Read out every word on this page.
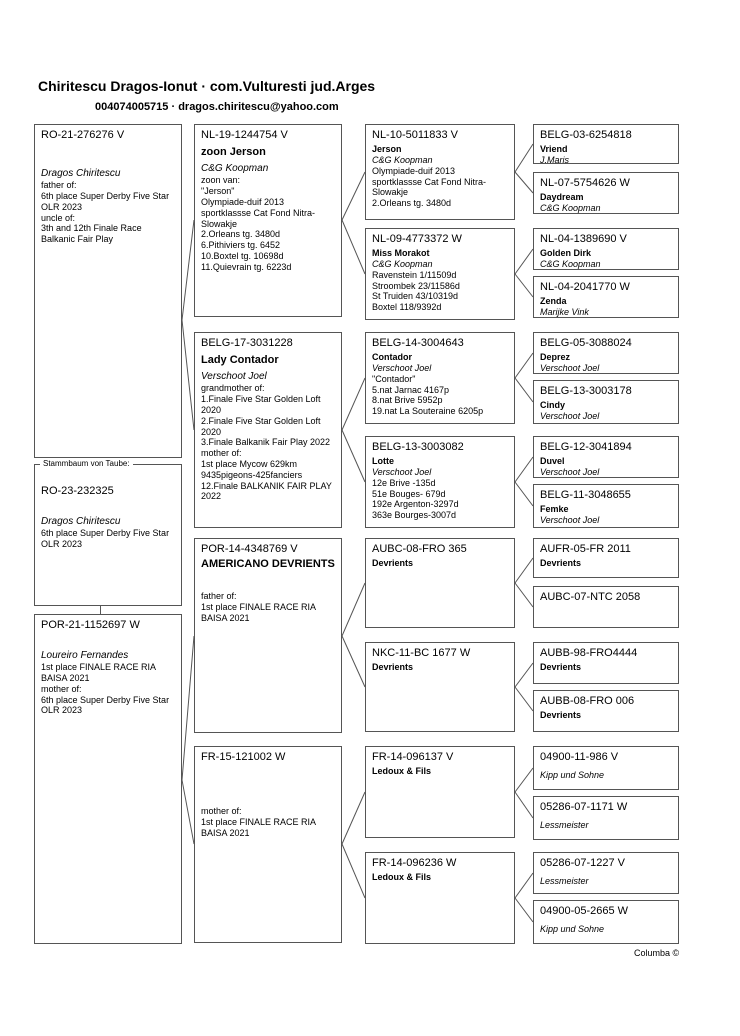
Chiritescu Dragos-Ionut · com.Vulturesti jud.Arges
004074005715 · dragos.chiritescu@yahoo.com
RO-21-276276 V
Dragos Chiritescu
father of:
6th place Super Derby Five Star OLR 2023
uncle of:
3th and 12th Finale Race Balkanic Fair Play
RO-23-232325
Dragos Chiritescu
6th place Super Derby Five Star OLR 2023
Stammbaum von Taube:
POR-21-1152697 W
Loureiro Fernandes
1st place FINALE RACE RIA BAISA 2021
mother of:
6th place Super Derby Five Star OLR 2023
NL-19-1244754 V
zoon Jerson
C&G Koopman
zoon van:
"Jerson"
Olympiade-duif 2013
sportklassse Cat Fond Nitra-Slowakje
2.Orleans tg. 3480d
6.Pithiviers tg. 6452
10.Boxtel tg. 10698d
11.Quievrain tg. 6223d
BELG-17-3031228
Lady Contador
Verschoot Joel
grandmother of:
1.Finale Five Star Golden Loft 2020
2.Finale Five Star Golden Loft 2020
3.Finale Balkanik Fair Play 2022
mother of:
1st place Mycow 629km
9435pigeons-425fanciers
12.Finale BALKANIK FAIR PLAY 2022
POR-14-4348769 V
AMERICANO DEVRIENTS
father of:
1st place FINALE RACE RIA BAISA 2021
FR-15-121002 W
mother of:
1st place FINALE RACE RIA BAISA 2021
NL-10-5011833 V
Jerson
C&G Koopman
Olympiade-duif 2013
sportklassse Cat Fond Nitra-Slowakje
2.Orleans tg. 3480d
NL-09-4773372 W
Miss Morakot
C&G Koopman
Ravenstein 1/11509d
Stroombek 23/11586d
St Truiden 43/10319d
Boxtel 118/9392d
BELG-14-3004643
Contador
Verschoot Joel
"Contador"
5.nat Jarnac 4167p
8.nat Brive 5952p
19.nat La Souteraine 6205p
BELG-13-3003082
Lotte
Verschoot Joel
12e Brive -135d
51e Bouges- 679d
192e Argenton-3297d
363e Bourges-3007d
AUBC-08-FRO 365
Devrients
NKC-11-BC 1677 W
Devrients
FR-14-096137 V
Ledoux & Fils
FR-14-096236 W
Ledoux & Fils
BELG-03-6254818
Vriend
J.Maris
NL-07-5754626 W
Daydream
C&G Koopman
NL-04-1389690 V
Golden Dirk
C&G Koopman
NL-04-2041770 W
Zenda
Marijke Vink
BELG-05-3088024
Deprez
Verschoot Joel
BELG-13-3003178
Cindy
Verschoot Joel
BELG-12-3041894
Duvel
Verschoot Joel
BELG-11-3048655
Femke
Verschoot Joel
AUFR-05-FR 2011
Devrients
AUBC-07-NTC 2058
AUBB-98-FRO4444
Devrients
AUBB-08-FRO 006
Devrients
04900-11-986 V
Kipp und Sohne
05286-07-1171 W
Lessmeister
05286-07-1227 V
Lessmeister
04900-05-2665 W
Kipp und Sohne
Columba ©
